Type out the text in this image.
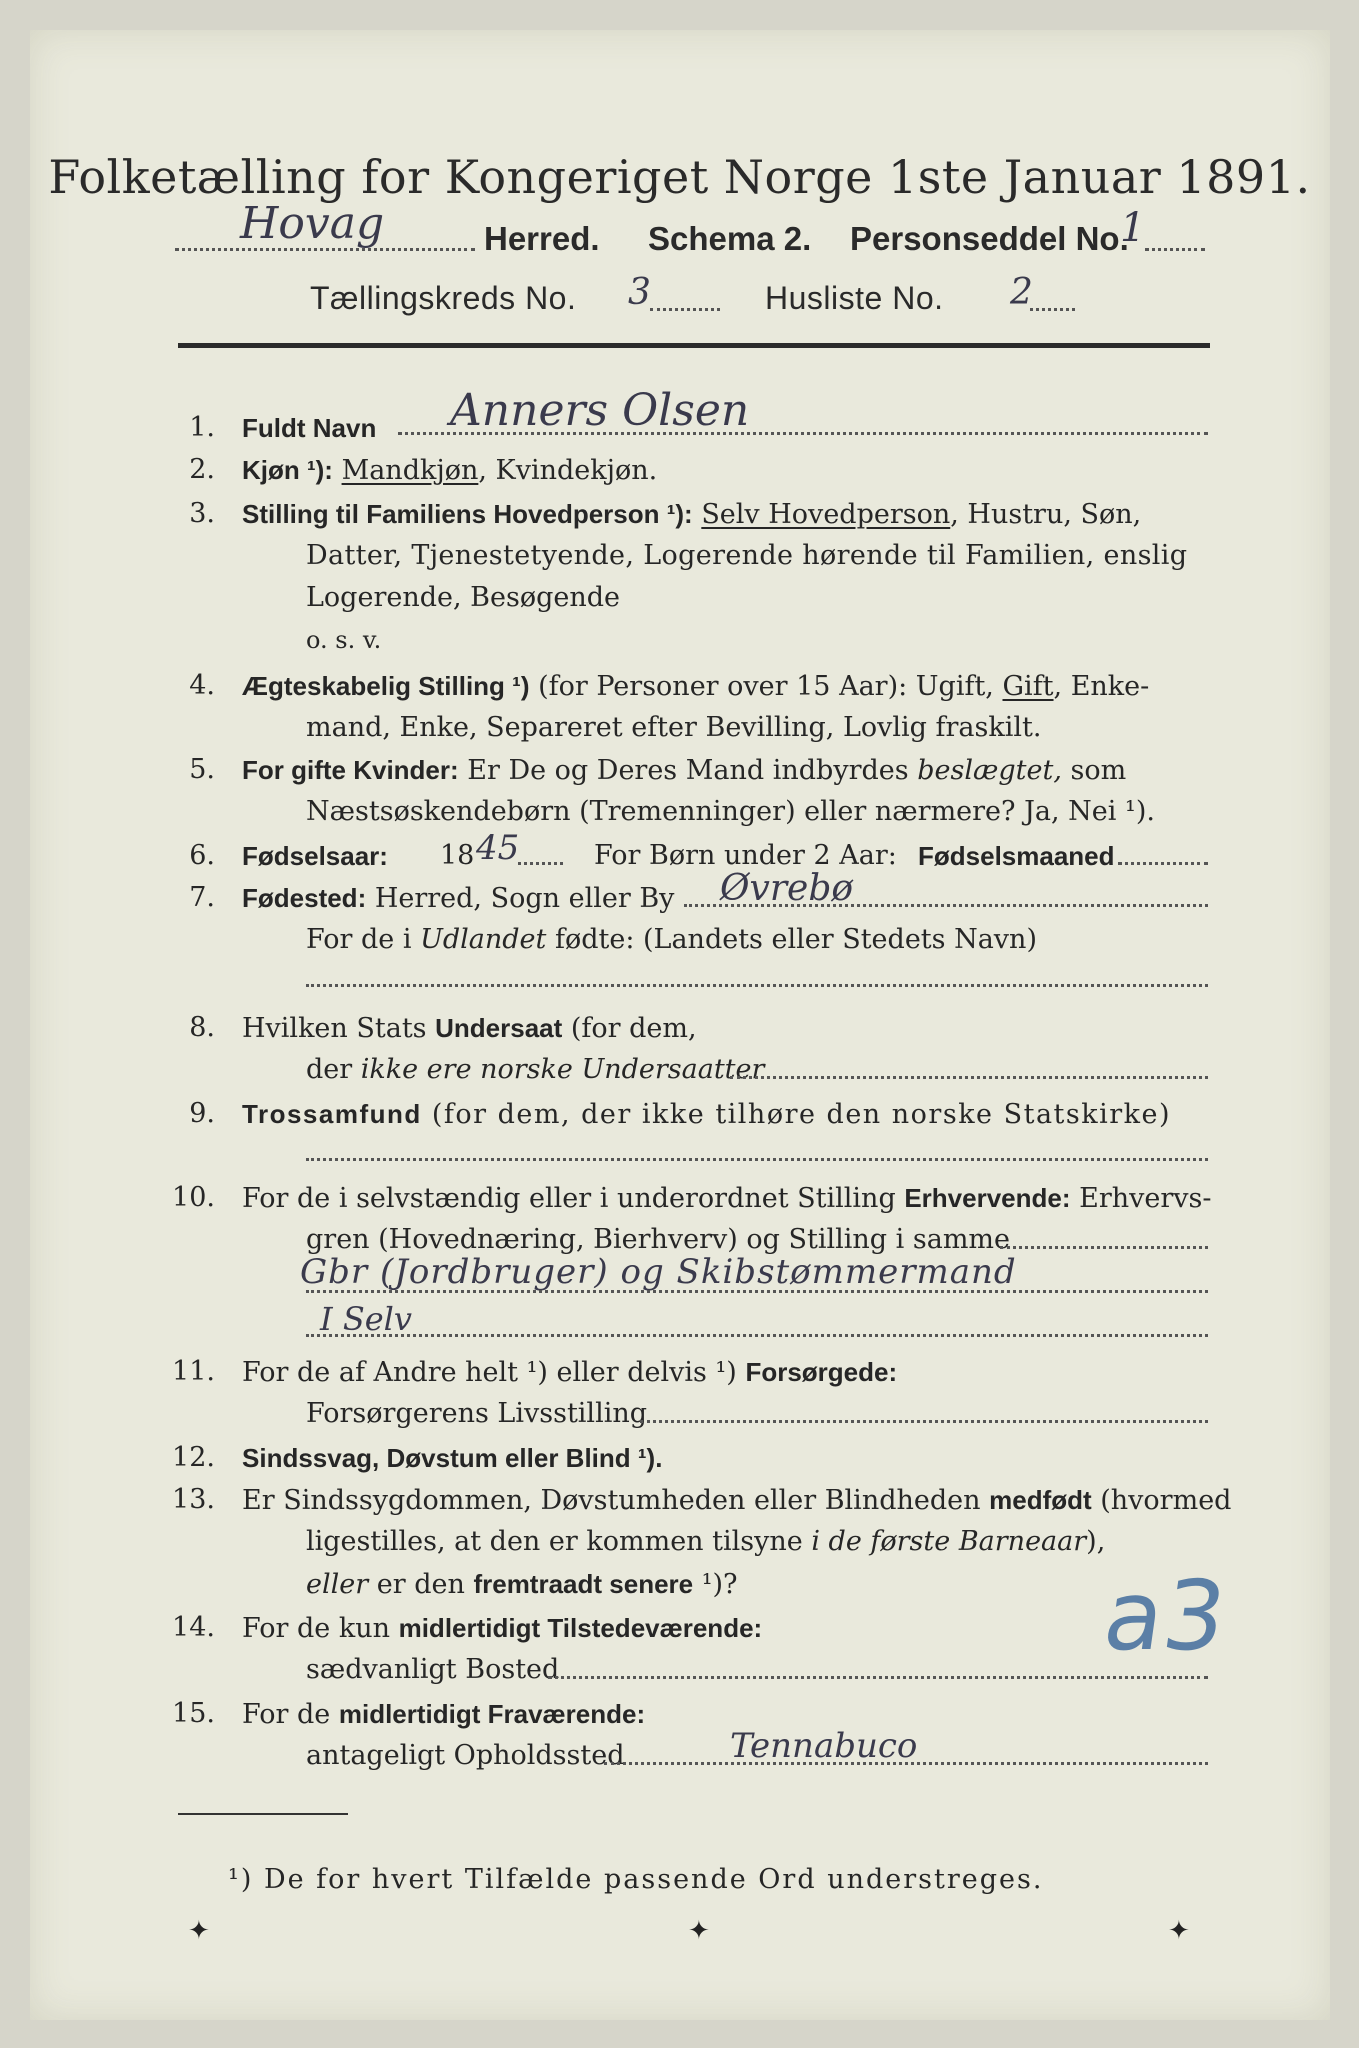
Folketælling for Kongeriget Norge 1ste Januar 1891.
Hovag	Herred. Schema 2. Personseddel No.
1
Tællingskreds No. 3	Husliste No. 2
1. Fuldt Navn Anners Olsen
2. Kjøn ¹): Mandkjøn, Kvindekjøn.
3. Stilling til Familiens Hovedperson ¹): Selv Hovedperson, Hustru, Søn,
Datter, Tjenestetyende, Logerende hørende til Familien, enslig
Logerende, Besøgende
o. s. v.
4. Ægteskabelig Stilling ¹) (for Personer over 15 Aar): Ugift, Gift, Enke-
mand, Enke, Separeret efter Bevilling, Lovlig fraskilt.
5. For gifte Kvinder: Er De og Deres Mand indbyrdes beslægtet, som
Næstsøskendebørn (Tremenninger) eller nærmere? Ja, Nei ¹).
6. Fødselsaar: 18 45	For Børn under 2 Aar: Fødselsmaaned
7. Fødested: Herred, Sogn eller By Øvrebø
For de i Udlandet fødte: (Landets eller Stedets Navn)
8. Hvilken Stats Undersaat (for dem,
der ikke ere norske Undersaatter
9. Trossamfund (for dem, der ikke tilhøre den norske Statskirke)
10. For de i selvstændig eller i underordnet Stilling Erhvervende: Erhvervs-
gren (Hovednæring, Bierhverv) og Stilling i samme
Gbr (Jordbruger) og Skibstømmermand
I Selv
11. For de af Andre helt ¹) eller delvis ¹) Forsørgede:
Forsørgerens Livsstilling
12. Sindssvag, Døvstum eller Blind ¹).
13. Er Sindssygdommen, Døvstumheden eller Blindheden medfødt (hvormed
ligestilles, at den er kommen tilsyne i de første Barneaar),
eller er den fremtraadt senere ¹)?	a3
14. For de kun midlertidigt Tilstedeværende:
sædvanligt Bosted
15. For de midlertidigt Fraværende:
antageligt Opholdssted	Tennabuco
¹) De for hvert Tilfælde passende Ord understreges.
✦	✦	✦
